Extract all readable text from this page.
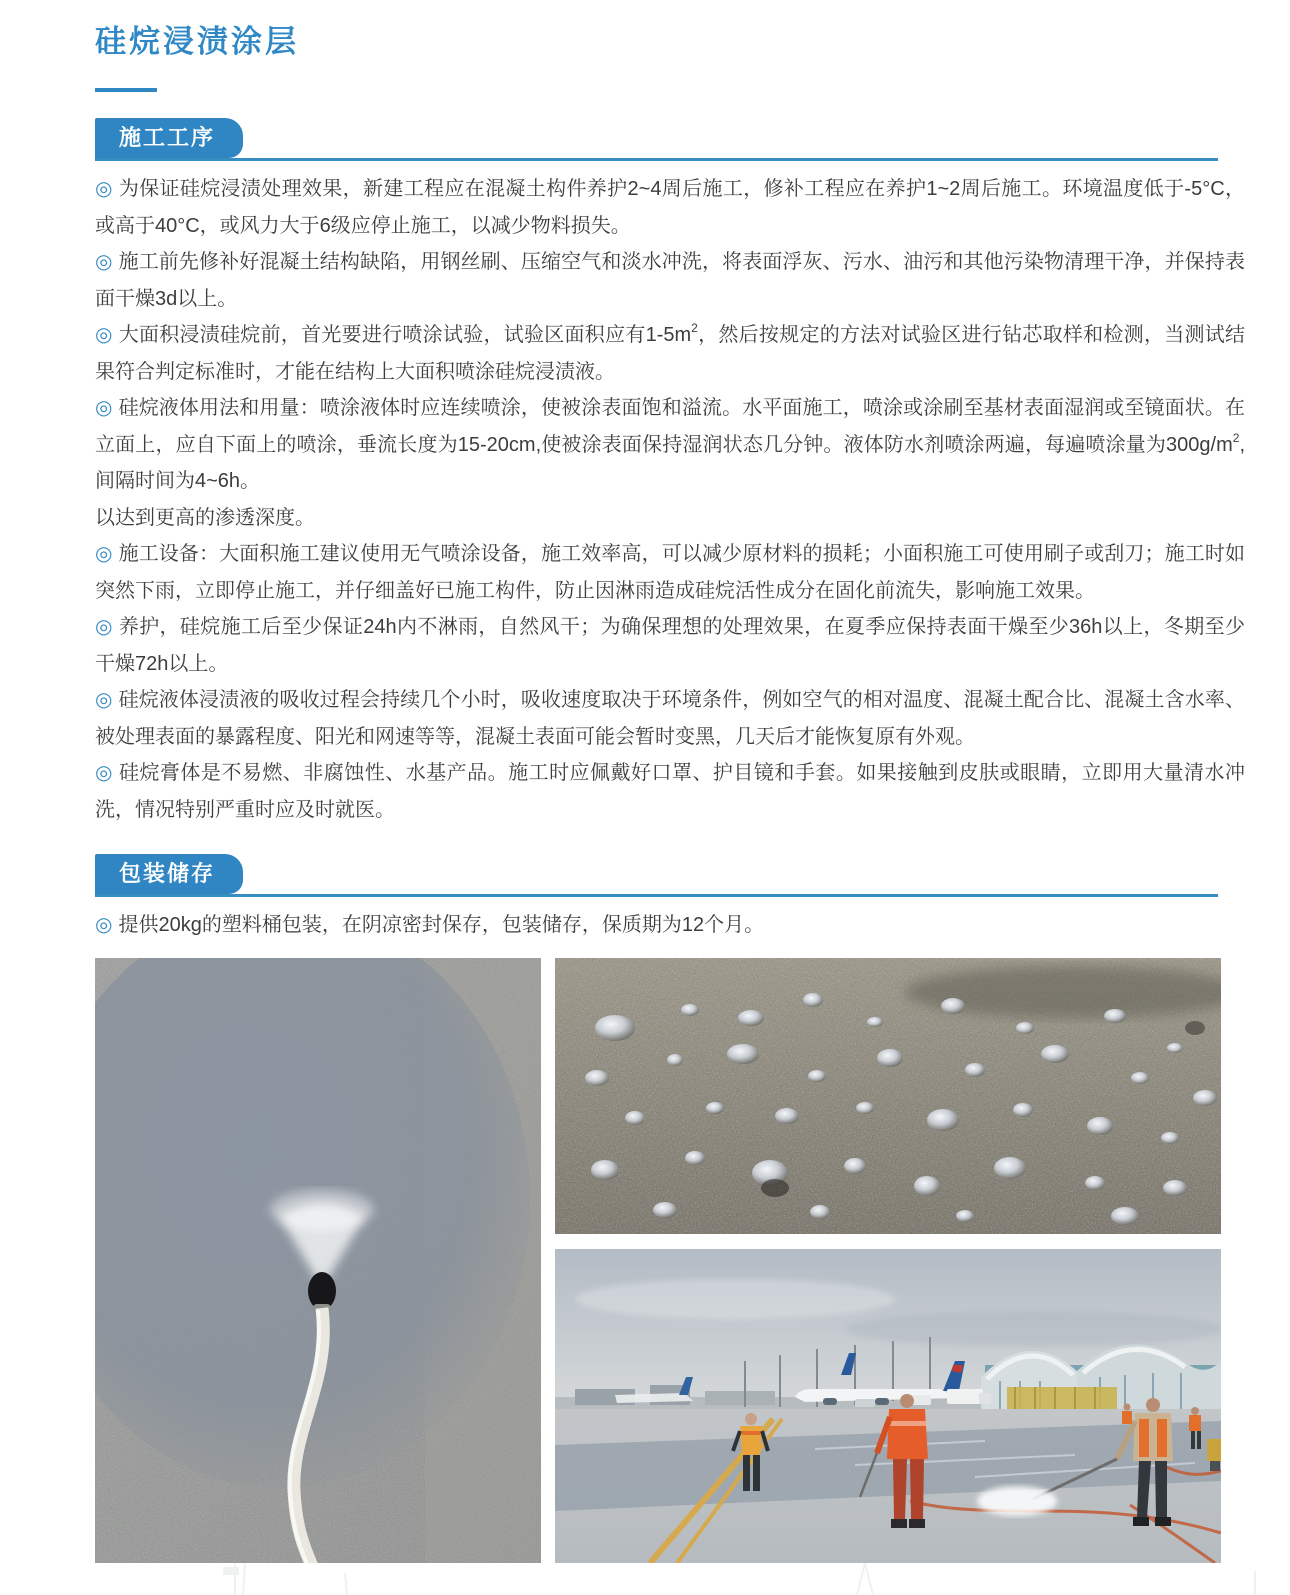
硅烷浸渍涂层
施工工序

◎ 为保证硅烷浸渍处理效果，新建工程应在混凝土构件养护2~4周后施工，修补工程应在养护1~2周后施工。环境温度低于-5°C，或高于40°C，或风力大于6级应停止施工，以减少物料损失。

◎ 施工前先修补好混凝土结构缺陷，用钢丝刷、压缩空气和淡水冲洗，将表面浮灰、污水、油污和其他污染物清理干净，并保持表面干燥3d以上。

◎ 大面积浸渍硅烷前，首光要进行喷涂试验，试验区面积应有$1-5m^2$，然后按规定的方法对试验区进行钻芯取样和检测，当测试结果符合判定标准时，才能在结构上大面积喷涂硅烷浸渍液。

◎ 硅烷液体用法和用量：喷涂液体时应连续喷涂，使被涂表面饱和溢流。水平面施工，喷涂或涂刷至基材表面湿润或至镜面状。在立面上，应自下面上的喷涂，垂流长度为15-20cm,使被涂表面保持湿润状态几分钟。液体防水剂喷涂两遍，每遍喷涂量为$300g/m^2$,间隔时间为4~6h。

以达到更高的渗透深度。

◎ 施工设备：大面积施工建议使用无气喷涂设备，施工效率高，可以减少原材料的损耗；小面积施工可使用刷子或刮刀；施工时如突然下雨，立即停止施工，并仔细盖好已施工构件，防止因淋雨造成硅烷活性成分在固化前流失，影响施工效果。

◎ 养护，硅烷施工后至少保证24h内不淋雨，自然风干；为确保理想的处理效果，在夏季应保持表面干燥至少36h以上，冬期至少干燥72h以上。

◎ 硅烷液体浸渍液的吸收过程会持续几个小时，吸收速度取决于环境条件，例如空气的相对温度、混凝土配合比、混凝土含水率、被处理表面的暴露程度、阳光和网速等等，混凝土表面可能会暂时变黑，几天后才能恢复原有外观。

◎ 硅烷膏体是不易燃、非腐蚀性、水基产品。施工时应佩戴好口罩、护目镜和手套。如果接触到皮肤或眼睛，立即用大量清水冲洗，情况特别严重时应及时就医。

包装储存

◎ 提供20kg的塑料桶包装，在阴凉密封保存，包装储存，保质期为12个月。
